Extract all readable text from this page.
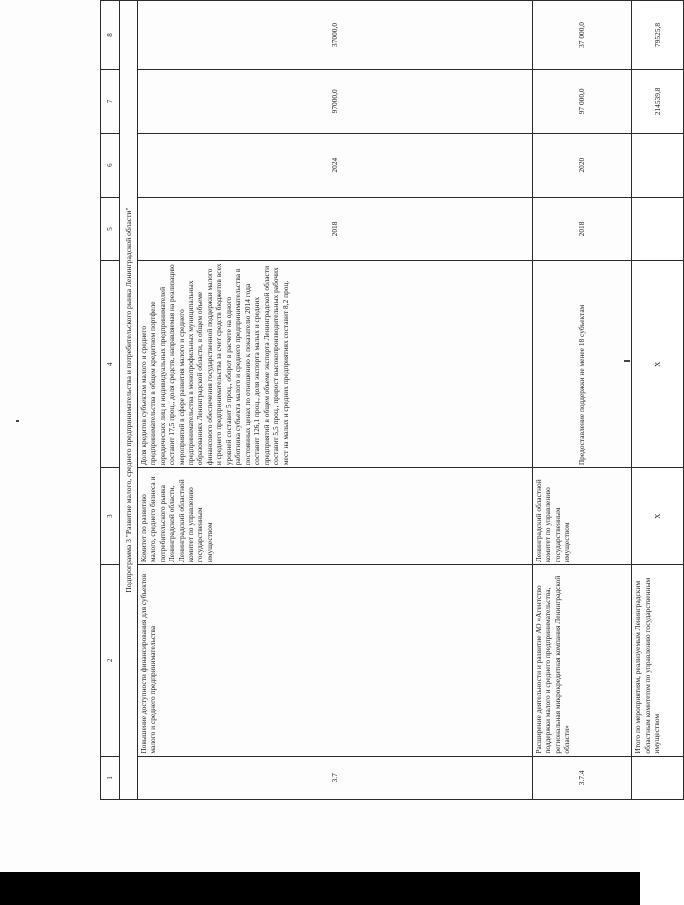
1	2	3	4	5	6	7	8
Подпрограмма 3 "Развитие малого, среднего предпринимательства и потребительского рынка Ленинградской области"							
3.7	Повышение доступности финансирования для субъектов малого и среднего предпринимательства	Комитет по развитию малого, среднего бизнеса и потребительского рынка Ленинградской области, Ленинградский областной комитет по управлению государственным имуществом	Доля кредитов субъектам малого и среднего предпринимательства в общем кредитном портфеле юридических лиц и индивидуальных предпринимателей составит 17,5 проц., доля средств, направляемая на реализацию мероприятий в сфере развития малого и среднего предпринимательства в монопрофильных муниципальных образованиях Ленинградской области, в общем объеме финансового обеспечения государственной поддержки малого и среднего предпринимательства за счет средств бюджетов всех уровней составит 5 проц., оборот в расчете на одного работника субъекта малого и среднего предпринимательства в постоянных ценах по отношению к показателю 2014 года составит 126,1 проц., доля экспорта малых и средних предприятий в общем объеме экспорта Ленинградской области составит 5,5 проц., прирост высокопроизводительных рабочих мест на малых и средних предприятиях составит 8,2 проц.	2018	2024	97000,0	37000,0
3.7.4	Расширение деятельности и развитие АО «Агентство поддержки малого и среднего предпринимательства, региональная микрокредитная компания Ленинградской области»	Ленинградский областной комитет по управлению государственным имуществом	Предоставление поддержки не менее 18 субъектам	2018	2020	97 000,0	37 000,0
	Итого по мероприятиям, реализуемым Ленинградским областным комитетом по управлению государственным имуществом	Х	Х			214539,8	79525,8
